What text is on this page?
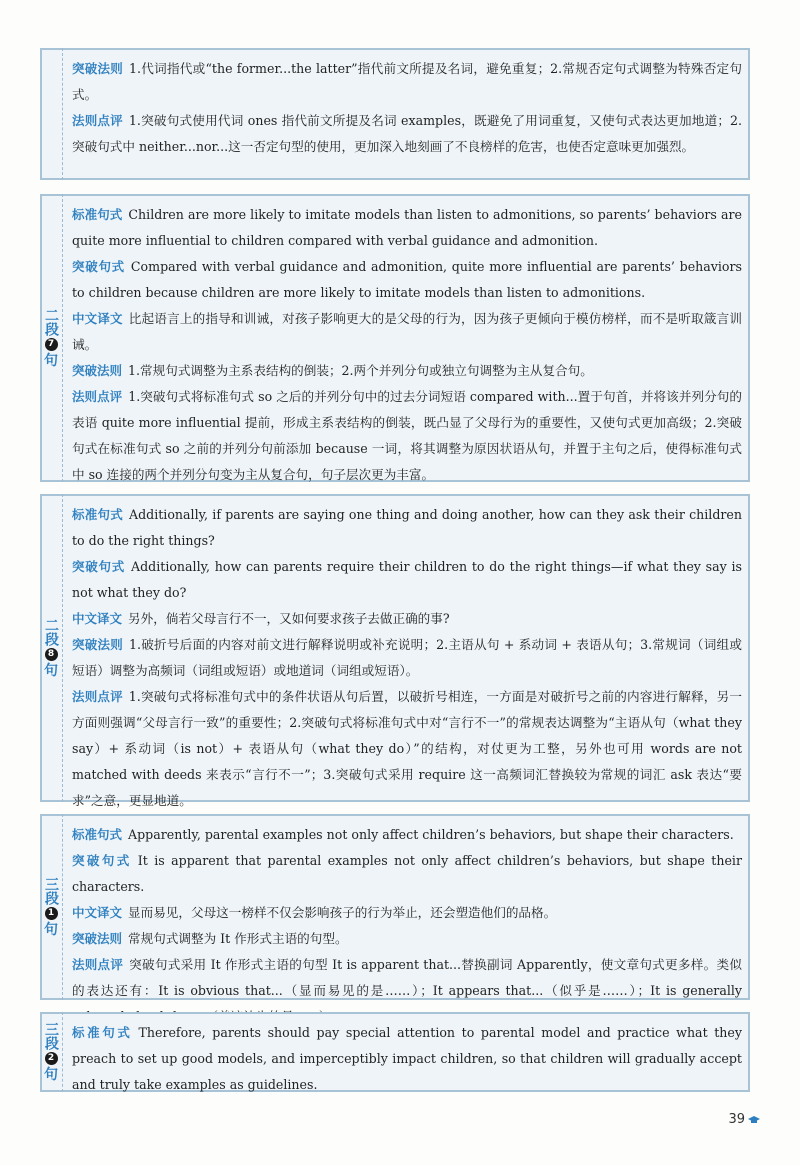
突破法则 1.代词指代或“the former...the latter”指代前文所提及名词，避免重复；2.常规否定句式调整为特殊否定句式。

法则点评 1.突破句式使用代词 ones 指代前文所提及名词 examples，既避免了用词重复，又使句式表达更加地道；2.突破句式中 neither...nor...这一否定句型的使用，更加深入地刻画了不良榜样的危害，也使否定意味更加强烈。

二段
7
句

标准句式 Children are more likely to imitate models than listen to admonitions, so parents’ behaviors are quite more influential to children compared with verbal guidance and admonition.

突破句式 Compared with verbal guidance and admonition, quite more influential are parents’ behaviors to children because children are more likely to imitate models than listen to admonitions.

中文译文 比起语言上的指导和训诫，对孩子影响更大的是父母的行为，因为孩子更倾向于模仿榜样，而不是听取箴言训诫。

突破法则 1.常规句式调整为主系表结构的倒装；2.两个并列分句或独立句调整为主从复合句。

法则点评 1.突破句式将标准句式 so 之后的并列分句中的过去分词短语 compared with...置于句首，并将该并列分句的表语 quite more influential 提前，形成主系表结构的倒装，既凸显了父母行为的重要性，又使句式更加高级；2.突破句式在标准句式 so 之前的并列分句前添加 because 一词，将其调整为原因状语从句，并置于主句之后，使得标准句式中 so 连接的两个并列分句变为主从复合句，句子层次更为丰富。

二段
8
句

标准句式 Additionally, if parents are saying one thing and doing another, how can they ask their children to do the right things?

突破句式 Additionally, how can parents require their children to do the right things—if what they say is not what they do?

中文译文 另外，倘若父母言行不一，又如何要求孩子去做正确的事?

突破法则 1.破折号后面的内容对前文进行解释说明或补充说明；2.主语从句 + 系动词 + 表语从句；3.常规词（词组或短语）调整为高频词（词组或短语）或地道词（词组或短语）。

法则点评 1.突破句式将标准句式中的条件状语从句后置，以破折号相连，一方面是对破折号之前的内容进行解释，另一方面则强调“父母言行一致”的重要性；2.突破句式将标准句式中对“言行不一”的常规表达调整为“主语从句（what they say）+ 系动词（is not）+ 表语从句（what they do）”的结构，对仗更为工整，另外也可用 words are not matched with deeds 来表示“言行不一”；3.突破句式采用 require 这一高频词汇替换较为常规的词汇 ask 表达“要求”之意，更显地道。

三段
1
句

标准句式 Apparently, parental examples not only affect children’s behaviors, but shape their characters.

突破句式 It is apparent that parental examples not only affect children’s behaviors, but shape their characters.

中文译文 显而易见，父母这一榜样不仅会影响孩子的行为举止，还会塑造他们的品格。

突破法则 常规句式调整为 It 作形式主语的句型。

法则点评 突破句式采用 It 作形式主语的句型 It is apparent that...替换副词 Apparently，使文章句式更多样。类似的表达还有：It is obvious that...（显而易见的是……）；It appears that...（似乎是……）；It is generally

三段
2
句

标准句式 Therefore, parents should pay special attention to parental model and practice what they preach to set up good models, and imperceptibly impact children, so that children will gradually accept and truly take examples as guidelines.

39
